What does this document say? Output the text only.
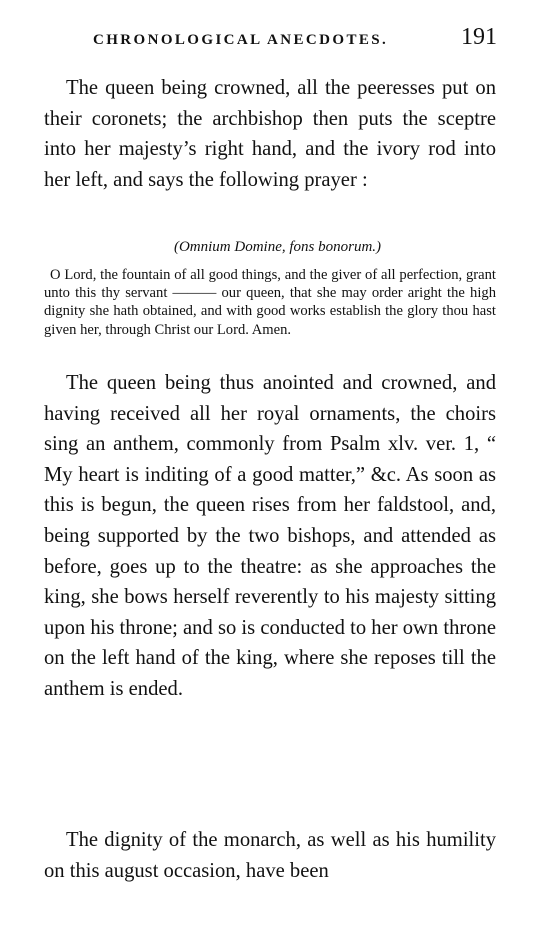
CHRONOLOGICAL ANECDOTES.	191

The queen being crowned, all the peeresses put on their coronets; the archbishop then puts the sceptre into her majesty’s right hand, and the ivory rod into her left, and says the following prayer :

(Omnium Domine, fons bonorum.)

O Lord, the fountain of all good things, and the giver of all perfection, grant unto this thy servant ——— our queen, that she may order aright the high dignity she hath obtained, and with good works establish the glory thou hast given her, through Christ our Lord. Amen.

The queen being thus anointed and crowned, and having received all her royal ornaments, the choirs sing an anthem, commonly from Psalm xlv. ver. 1, “ My heart is inditing of a good matter,” &c. As soon as this is begun, the queen rises from her faldstool, and, being supported by the two bishops, and attended as before, goes up to the theatre: as she approaches the king, she bows herself reverently to his majesty sitting upon his throne; and so is conducted to her own throne on the left hand of the king, where she reposes till the anthem is ended.

The dignity of the monarch, as well as his humility on this august occasion, have been
